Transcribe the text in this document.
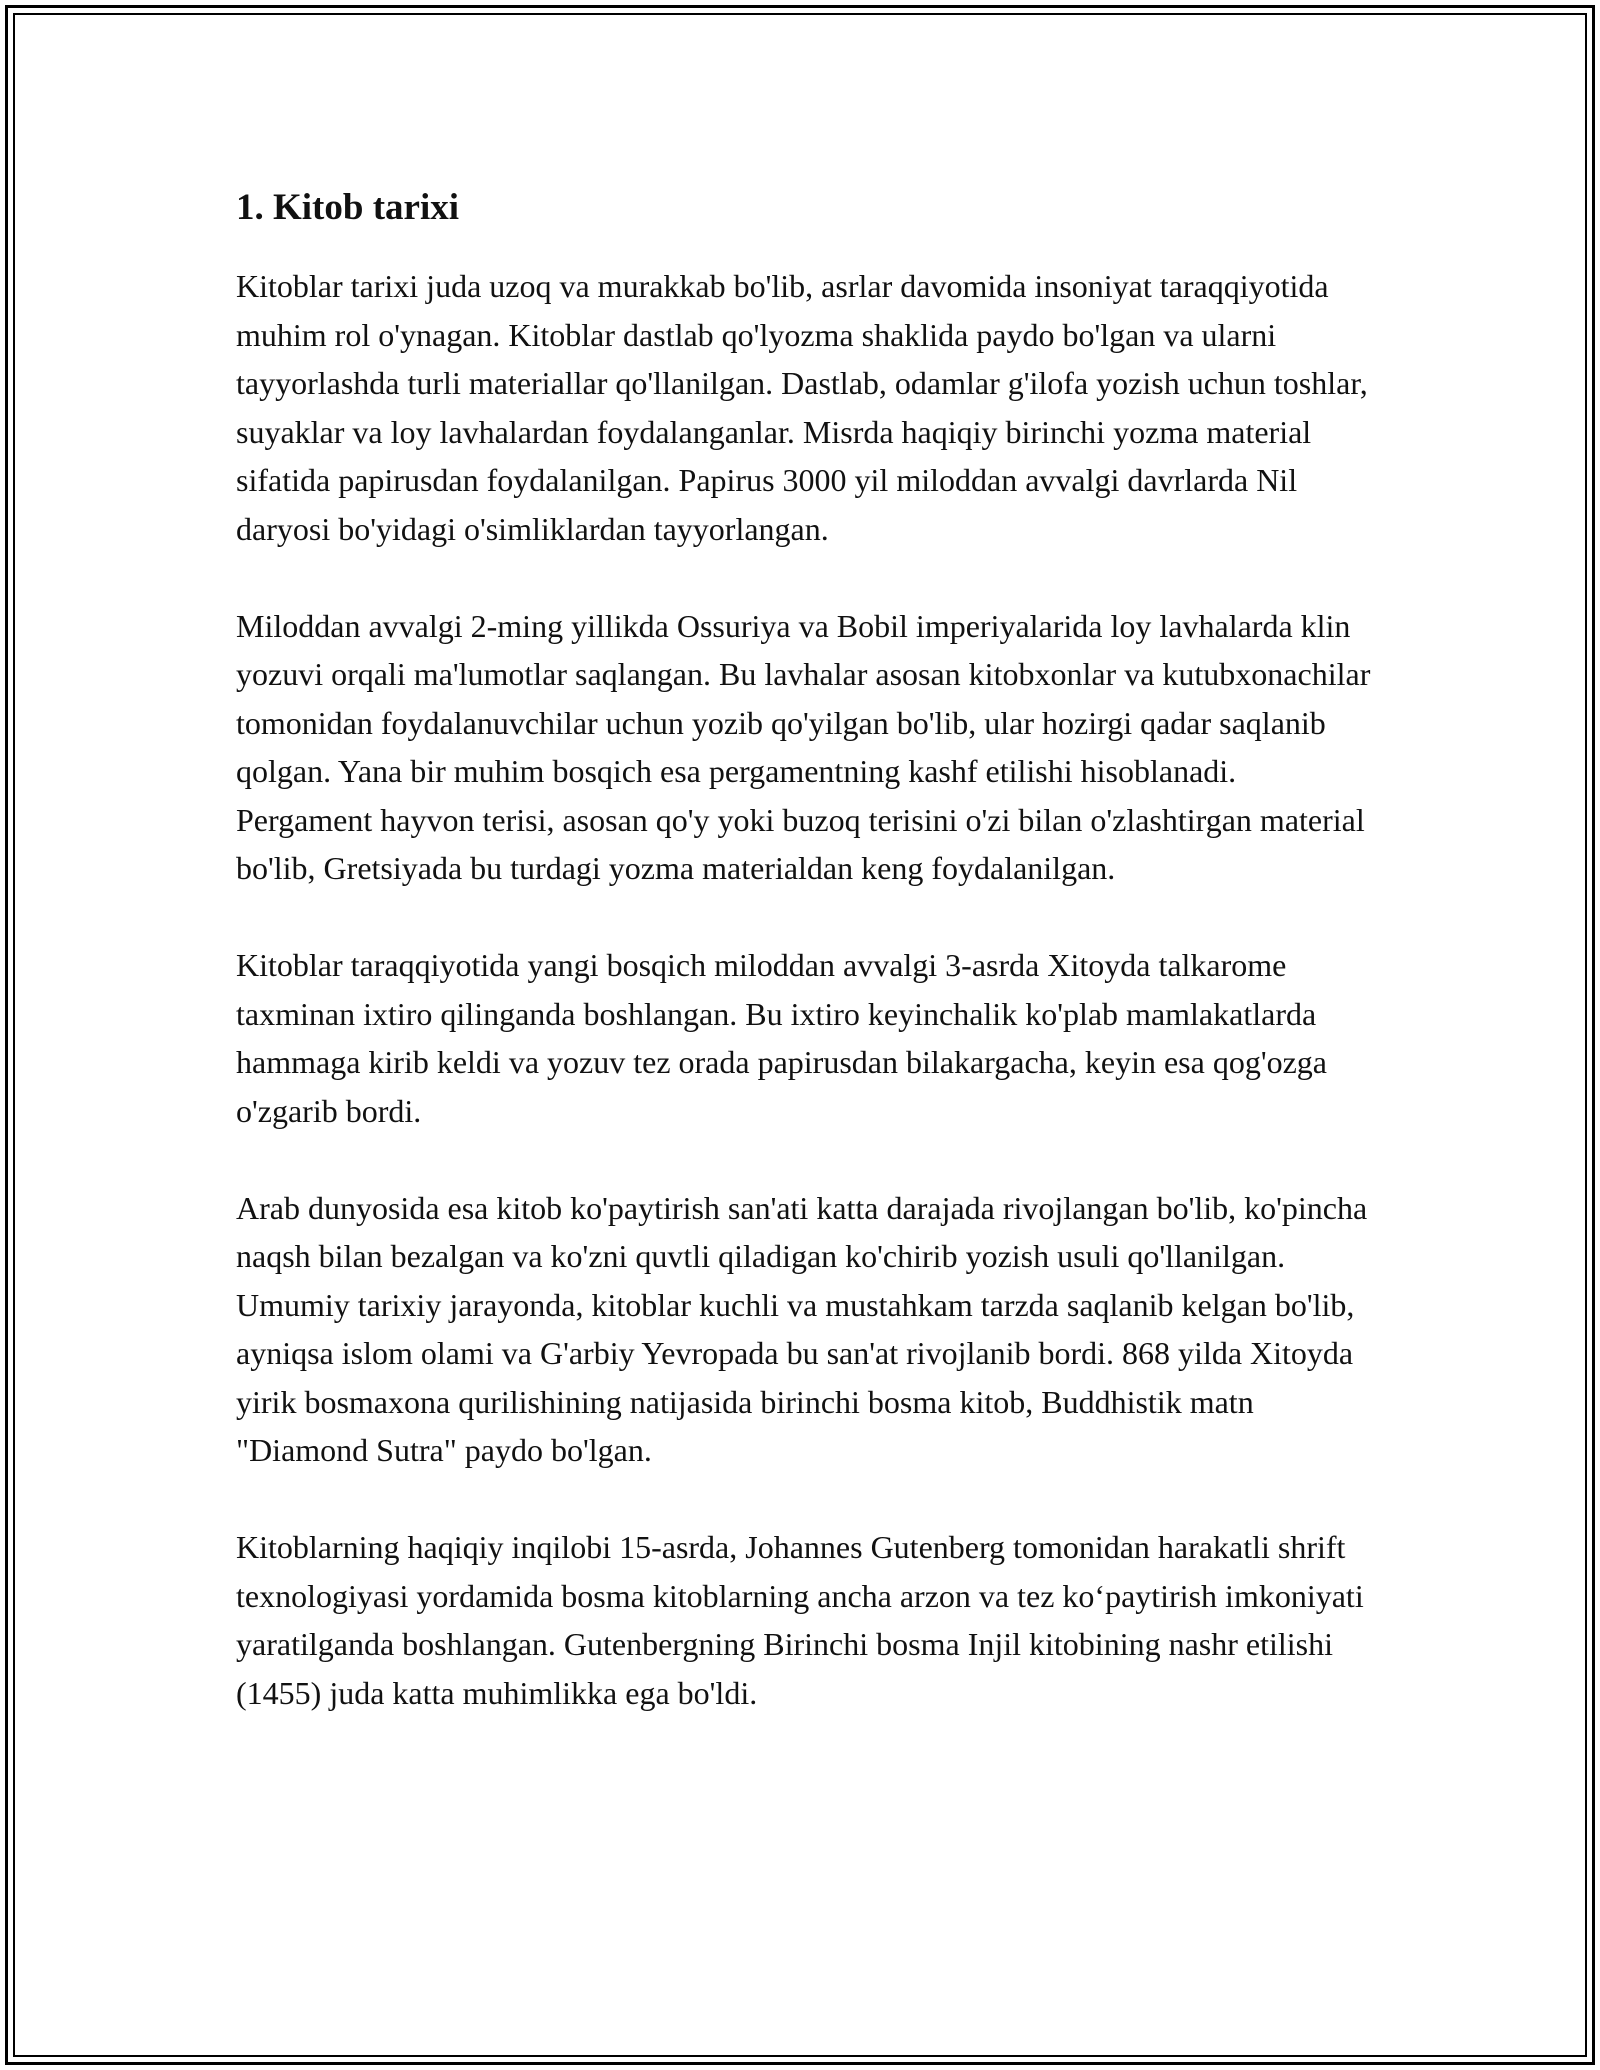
1. Kitob tarixi

Kitoblar tarixi juda uzoq va murakkab bo'lib, asrlar davomida insoniyat taraqqiyotida muhim rol o'ynagan. Kitoblar dastlab qo'lyozma shaklida paydo bo'lgan va ularni tayyorlashda turli materiallar qo'llanilgan. Dastlab, odamlar g'ilofa yozish uchun toshlar, suyaklar va loy lavhalardan foydalanganlar. Misrda haqiqiy birinchi yozma material sifatida papirusdan foydalanilgan. Papirus 3000 yil miloddan avvalgi davrlarda Nil daryosi bo'yidagi o'simliklardan tayyorlangan.

Miloddan avvalgi 2-ming yillikda Ossuriya va Bobil imperiyalarida loy lavhalarda klin yozuvi orqali ma'lumotlar saqlangan. Bu lavhalar asosan kitobxonlar va kutubxonachilar tomonidan foydalanuvchilar uchun yozib qo'yilgan bo'lib, ular hozirgi qadar saqlanib qolgan. Yana bir muhim bosqich esa pergamentning kashf etilishi hisoblanadi. Pergament hayvon terisi, asosan qo'y yoki buzoq terisini o'zi bilan o'zlashtirgan material bo'lib, Gretsiyada bu turdagi yozma materialdan keng foydalanilgan.

Kitoblar taraqqiyotida yangi bosqich miloddan avvalgi 3-asrda Xitoyda talkarome taxminan ixtiro qilinganda boshlangan. Bu ixtiro keyinchalik ko'plab mamlakatlarda hammaga kirib keldi va yozuv tez orada papirusdan bilakargacha, keyin esa qog'ozga o'zgarib bordi.

Arab dunyosida esa kitob ko'paytirish san'ati katta darajada rivojlangan bo'lib, ko'pincha naqsh bilan bezalgan va ko'zni quvtli qiladigan ko'chirib yozish usuli qo'llanilgan. Umumiy tarixiy jarayonda, kitoblar kuchli va mustahkam tarzda saqlanib kelgan bo'lib, ayniqsa islom olami va G'arbiy Yevropada bu san'at rivojlanib bordi. 868 yilda Xitoyda yirik bosmaxona qurilishining natijasida birinchi bosma kitob, Buddhistik matn "Diamond Sutra" paydo bo'lgan.

Kitoblarning haqiqiy inqilobi 15-asrda, Johannes Gutenberg tomonidan harakatli shrift texnologiyasi yordamida bosma kitoblarning ancha arzon va tez ko‘paytirish imkoniyati yaratilganda boshlangan. Gutenbergning Birinchi bosma Injil kitobining nashr etilishi (1455) juda katta muhimlikka ega bo'ldi.
